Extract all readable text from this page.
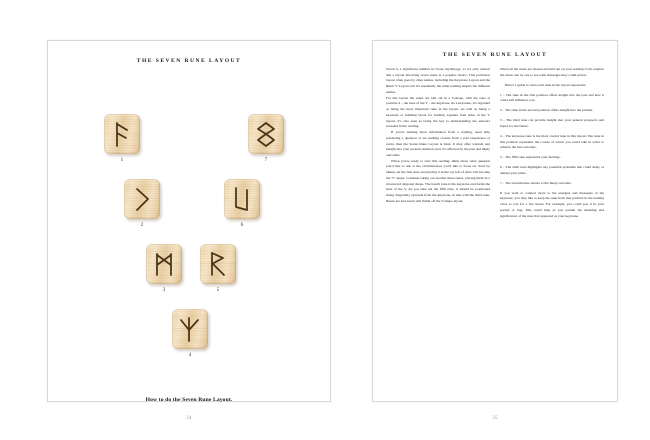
THE SEVEN RUNE LAYOUT
1
2
3
4
5
6
7
How to do the Seven Rune Layout.
34
THE SEVEN RUNE LAYOUT

Seven is a significant number in Norse mythology, so it's only natural that a layout involving seven runes is a popular choice. This particular layout often goes by other names, including the Keystone Layout and the Runic V Layout, but it's essentially the same reading despite the different names.

For this layout the runes are laid out in a V-shape, with the rune at position 4 – the base of the V – the keystone. As a keystone, it's regarded as being the most important rune in the layout. As well as being a keystone or building block for holding together both sides of the V layout, it's also seen as being the key to understanding the answers revealed in the reading.

If you're seeking more information from a reading, need help pondering a question or are seeking closure from a past experience or event, then the Seven Rune Layout is ideal. It may offer wisdom and insight into your present situation, how it's affected by the past and likely outcomes.

When you're ready to start this reading, think about what question you'd like to ask or the circumstances you'd like to focus on. Start by taking out the first rune and placing it in the top left of what will become the 'V' shape. Continue taking out another three runes, placing them in a downward diagonal shape. The fourth rune is the keystone and forms the base of the V. As you take out the fifth rune, it should be positioned rising diagonally upwards from the keystone, in line with the third rune. Runes six and seven will finish off the V-shape layout.

When all the runes are chosen and laid out on your reading cloth, explore the runes one by one to see what messages they could reveal.

Here's a guide to what each rune in the layout represents:

1 – The rune in the first position offers insight into the past and how it could still influence you.

2 – The rune in the second position offers insight into the present.

3 – The third rune can provide insight into your general prospects and hopes for the future.

4 – The keystone rune is the most crucial rune in this layout. The rune in this position represents the course of action you could take in order to achieve the best outcome.

5 – The fifth rune represents your feelings.

6 – The sixth rune highlights any potential problems that could delay or disrupt your plans.

7 – The seventh rune relates to the likely outcome.

If you want to connect more to the energies and messages of the keystone, you may like to keep the rune from this position in the reading close to you for a few hours. For example, you could pop it in your pocket or bag. This could help as you ponder the meaning and significance of the rune that appeared as your keystone.

35
